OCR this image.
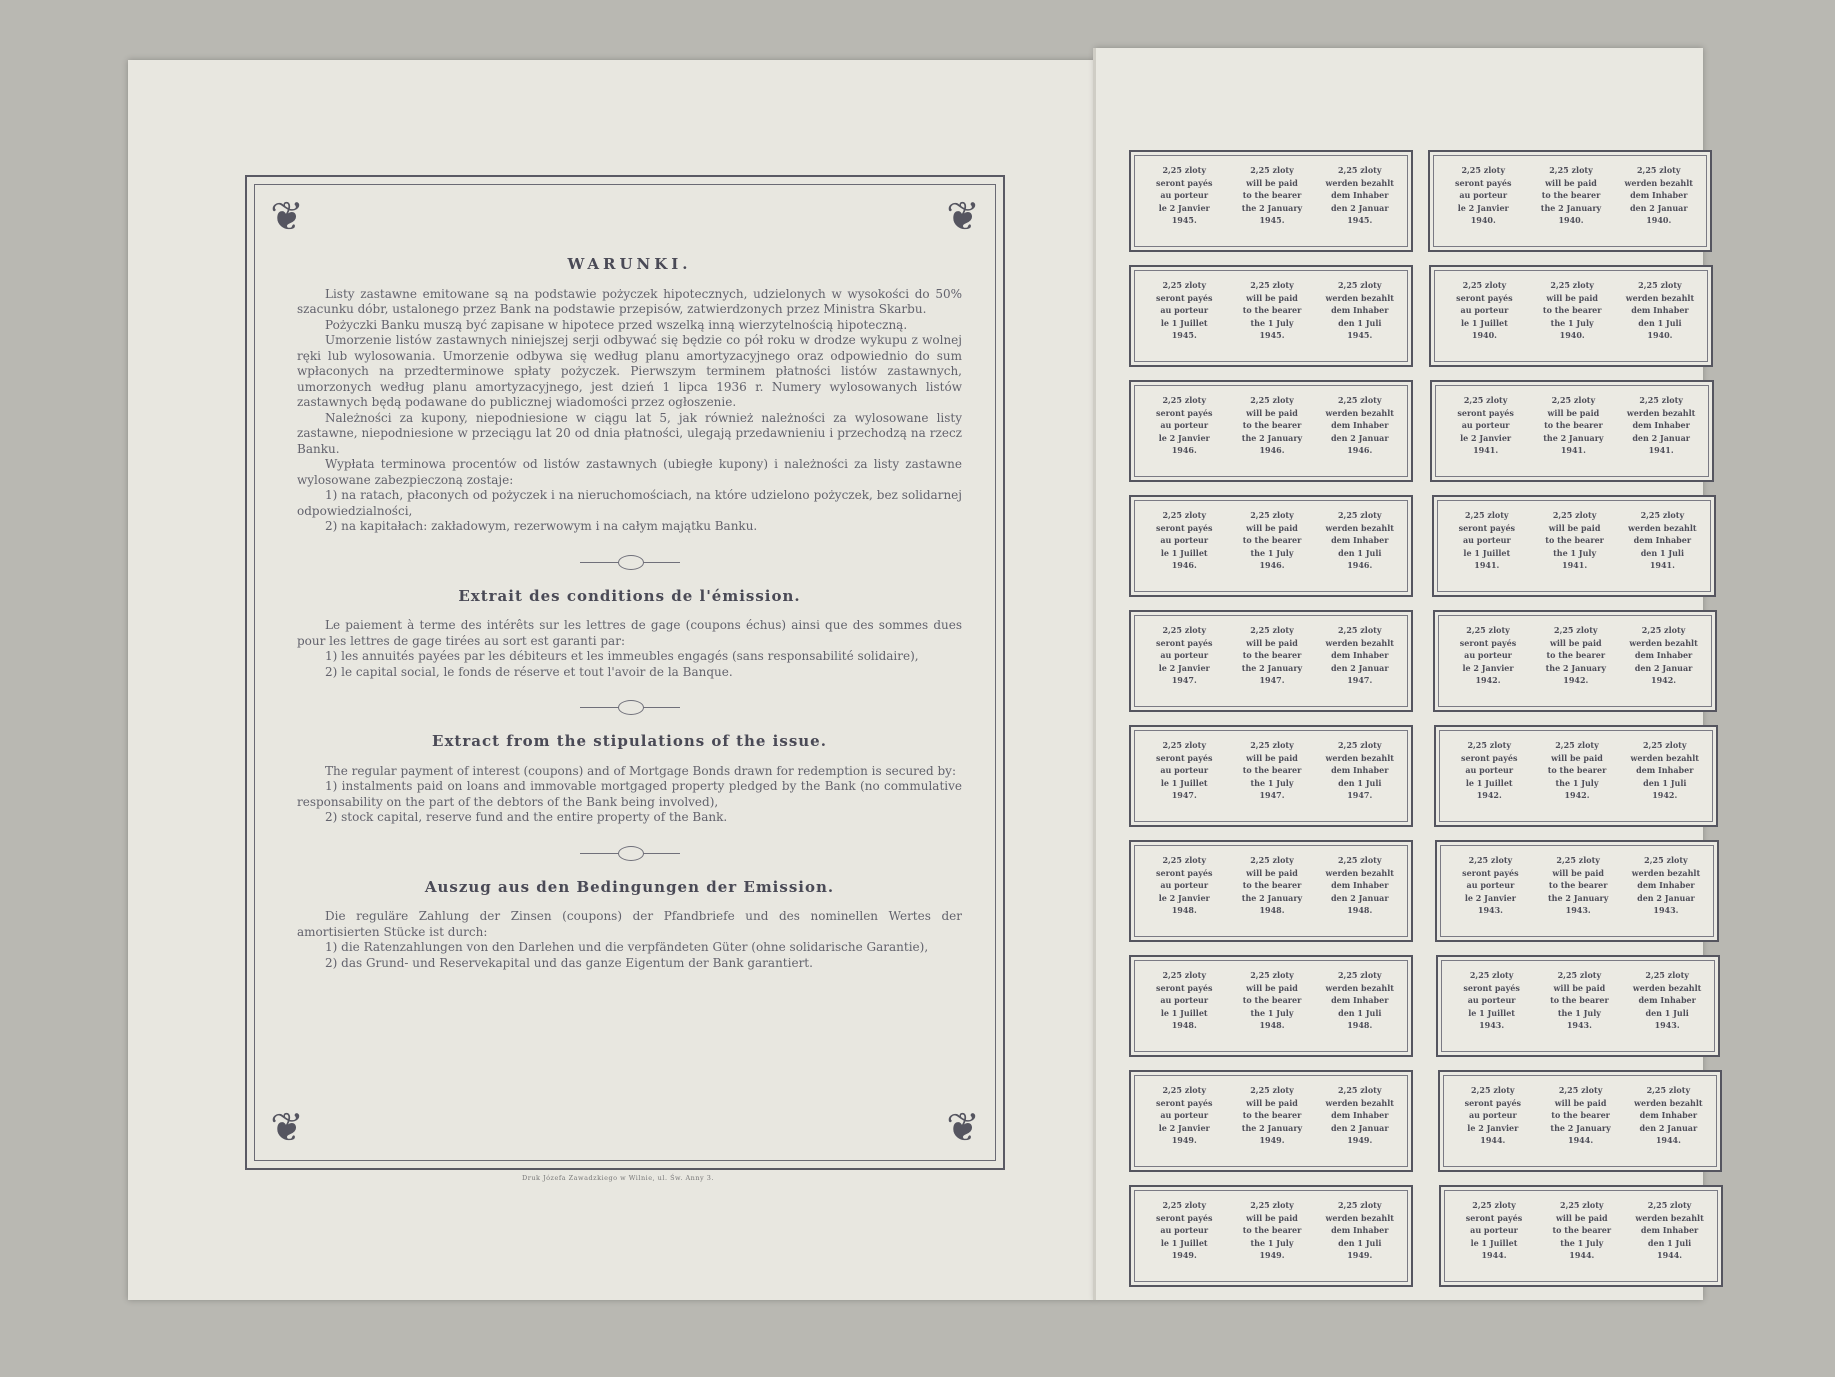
❦	❦
❦	❦

WARUNKI.

Listy zastawne emitowane są na podstawie pożyczek hipotecznych, udzielonych w wysokości do 50% szacunku dóbr, ustalonego przez Bank na podstawie przepisów, zatwierdzonych przez Ministra Skarbu.

Pożyczki Banku muszą być zapisane w hipotece przed wszelką inną wierzytelnością hipoteczną.

Umorzenie listów zastawnych niniejszej serji odbywać się będzie co pół roku w drodze wykupu z wolnej ręki lub wylosowania. Umorzenie odbywa się według planu amortyzacyjnego oraz odpowiednio do sum wpłaconych na przedterminowe spłaty pożyczek. Pierwszym terminem płatności listów zastawnych, umorzonych według planu amortyzacyjnego, jest dzień 1 lipca 1936 r. Numery wylosowanych listów zastawnych będą podawane do publicznej wiadomości przez ogłoszenie.

Należności za kupony, niepodniesione w ciągu lat 5, jak również należności za wylosowane listy zastawne, niepodniesione w przeciągu lat 20 od dnia płatności, ulegają przedawnieniu i przechodzą na rzecz Banku.

Wypłata terminowa procentów od listów zastawnych (ubiegłe kupony) i należności za listy zastawne wylosowane zabezpieczoną zostaje:

1) na ratach, płaconych od pożyczek i na nieruchomościach, na które udzielono pożyczek, bez solidarnej odpowiedzialności,

2) na kapitałach: zakładowym, rezerwowym i na całym majątku Banku.

Extrait des conditions de l'émission.

Le paiement à terme des intérêts sur les lettres de gage (coupons échus) ainsi que des sommes dues pour les lettres de gage tirées au sort est garanti par:

1) les annuités payées par les débiteurs et les immeubles engagés (sans responsabilité solidaire),

2) le capital social, le fonds de réserve et tout l'avoir de la Banque.

Extract from the stipulations of the issue.

The regular payment of interest (coupons) and of Mortgage Bonds drawn for redemption is secured by:

1) instalments paid on loans and immovable mortgaged property pledged by the Bank (no commulative responsability on the part of the debtors of the Bank being involved),

2) stock capital, reserve fund and the entire property of the Bank.

Auszug aus den Bedingungen der Emission.

Die reguläre Zahlung der Zinsen (coupons) der Pfandbriefe und des nominellen Wertes der amortisierten Stücke ist durch:

1) die Ratenzahlungen von den Darlehen und die verpfändeten Güter (ohne solidarische Garantie),

2) das Grund- und Reservekapital und das ganze Eigentum der Bank garantiert.

Druk Józefa Zawadzkiego w Wilnie, ul. Św. Anny 3.
2,25 zloty
seront payés
au porteur
le 2 Janvier
1945.
2,25 zloty
will be paid
to the bearer
the 2 January
1945.
2,25 zloty
werden bezahlt
dem Inhaber
den 2 Januar
1945.
2,25 zloty
seront payés
au porteur
le 2 Janvier
1940.
2,25 zloty
will be paid
to the bearer
the 2 January
1940.
2,25 zloty
werden bezahlt
dem Inhaber
den 2 Januar
1940.
2,25 zloty
seront payés
au porteur
le 1 Juillet
1945.
2,25 zloty
will be paid
to the bearer
the 1 July
1945.
2,25 zloty
werden bezahlt
dem Inhaber
den 1 Juli
1945.
2,25 zloty
seront payés
au porteur
le 1 Juillet
1940.
2,25 zloty
will be paid
to the bearer
the 1 July
1940.
2,25 zloty
werden bezahlt
dem Inhaber
den 1 Juli
1940.
2,25 zloty
seront payés
au porteur
le 2 Janvier
1946.
2,25 zloty
will be paid
to the bearer
the 2 January
1946.
2,25 zloty
werden bezahlt
dem Inhaber
den 2 Januar
1946.
2,25 zloty
seront payés
au porteur
le 2 Janvier
1941.
2,25 zloty
will be paid
to the bearer
the 2 January
1941.
2,25 zloty
werden bezahlt
dem Inhaber
den 2 Januar
1941.
2,25 zloty
seront payés
au porteur
le 1 Juillet
1946.
2,25 zloty
will be paid
to the bearer
the 1 July
1946.
2,25 zloty
werden bezahlt
dem Inhaber
den 1 Juli
1946.
2,25 zloty
seront payés
au porteur
le 1 Juillet
1941.
2,25 zloty
will be paid
to the bearer
the 1 July
1941.
2,25 zloty
werden bezahlt
dem Inhaber
den 1 Juli
1941.
2,25 zloty
seront payés
au porteur
le 2 Janvier
1947.
2,25 zloty
will be paid
to the bearer
the 2 January
1947.
2,25 zloty
werden bezahlt
dem Inhaber
den 2 Januar
1947.
2,25 zloty
seront payés
au porteur
le 2 Janvier
1942.
2,25 zloty
will be paid
to the bearer
the 2 January
1942.
2,25 zloty
werden bezahlt
dem Inhaber
den 2 Januar
1942.
2,25 zloty
seront payés
au porteur
le 1 Juillet
1947.
2,25 zloty
will be paid
to the bearer
the 1 July
1947.
2,25 zloty
werden bezahlt
dem Inhaber
den 1 Juli
1947.
2,25 zloty
seront payés
au porteur
le 1 Juillet
1942.
2,25 zloty
will be paid
to the bearer
the 1 July
1942.
2,25 zloty
werden bezahlt
dem Inhaber
den 1 Juli
1942.
2,25 zloty
seront payés
au porteur
le 2 Janvier
1948.
2,25 zloty
will be paid
to the bearer
the 2 January
1948.
2,25 zloty
werden bezahlt
dem Inhaber
den 2 Januar
1948.
2,25 zloty
seront payés
au porteur
le 2 Janvier
1943.
2,25 zloty
will be paid
to the bearer
the 2 January
1943.
2,25 zloty
werden bezahlt
dem Inhaber
den 2 Januar
1943.
2,25 zloty
seront payés
au porteur
le 1 Juillet
1948.
2,25 zloty
will be paid
to the bearer
the 1 July
1948.
2,25 zloty
werden bezahlt
dem Inhaber
den 1 Juli
1948.
2,25 zloty
seront payés
au porteur
le 1 Juillet
1943.
2,25 zloty
will be paid
to the bearer
the 1 July
1943.
2,25 zloty
werden bezahlt
dem Inhaber
den 1 Juli
1943.
2,25 zloty
seront payés
au porteur
le 2 Janvier
1949.
2,25 zloty
will be paid
to the bearer
the 2 January
1949.
2,25 zloty
werden bezahlt
dem Inhaber
den 2 Januar
1949.
2,25 zloty
seront payés
au porteur
le 2 Janvier
1944.
2,25 zloty
will be paid
to the bearer
the 2 January
1944.
2,25 zloty
werden bezahlt
dem Inhaber
den 2 Januar
1944.
2,25 zloty
seront payés
au porteur
le 1 Juillet
1949.
2,25 zloty
will be paid
to the bearer
the 1 July
1949.
2,25 zloty
werden bezahlt
dem Inhaber
den 1 Juli
1949.
2,25 zloty
seront payés
au porteur
le 1 Juillet
1944.
2,25 zloty
will be paid
to the bearer
the 1 July
1944.
2,25 zloty
werden bezahlt
dem Inhaber
den 1 Juli
1944.
